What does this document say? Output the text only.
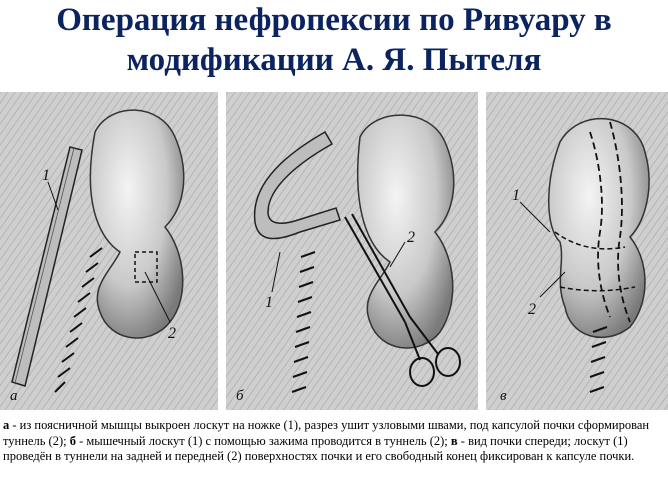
Операция нефропексии по Ривуару в
модификации А. Я. Пытеля
1
2
а
1
2
б
1
2
в
а - из поясничной мышцы выкроен лоскут на ножке (1), разрез ушит узловыми швами, под капсулой почки сформирован туннель (2); б - мышечный лоскут (1) с помощью зажима проводится в туннель (2); в - вид почки спереди; лоскут (1) проведён в туннели на задней и передней (2) поверхностях почки и его свободный конец фиксирован к капсуле почки.
